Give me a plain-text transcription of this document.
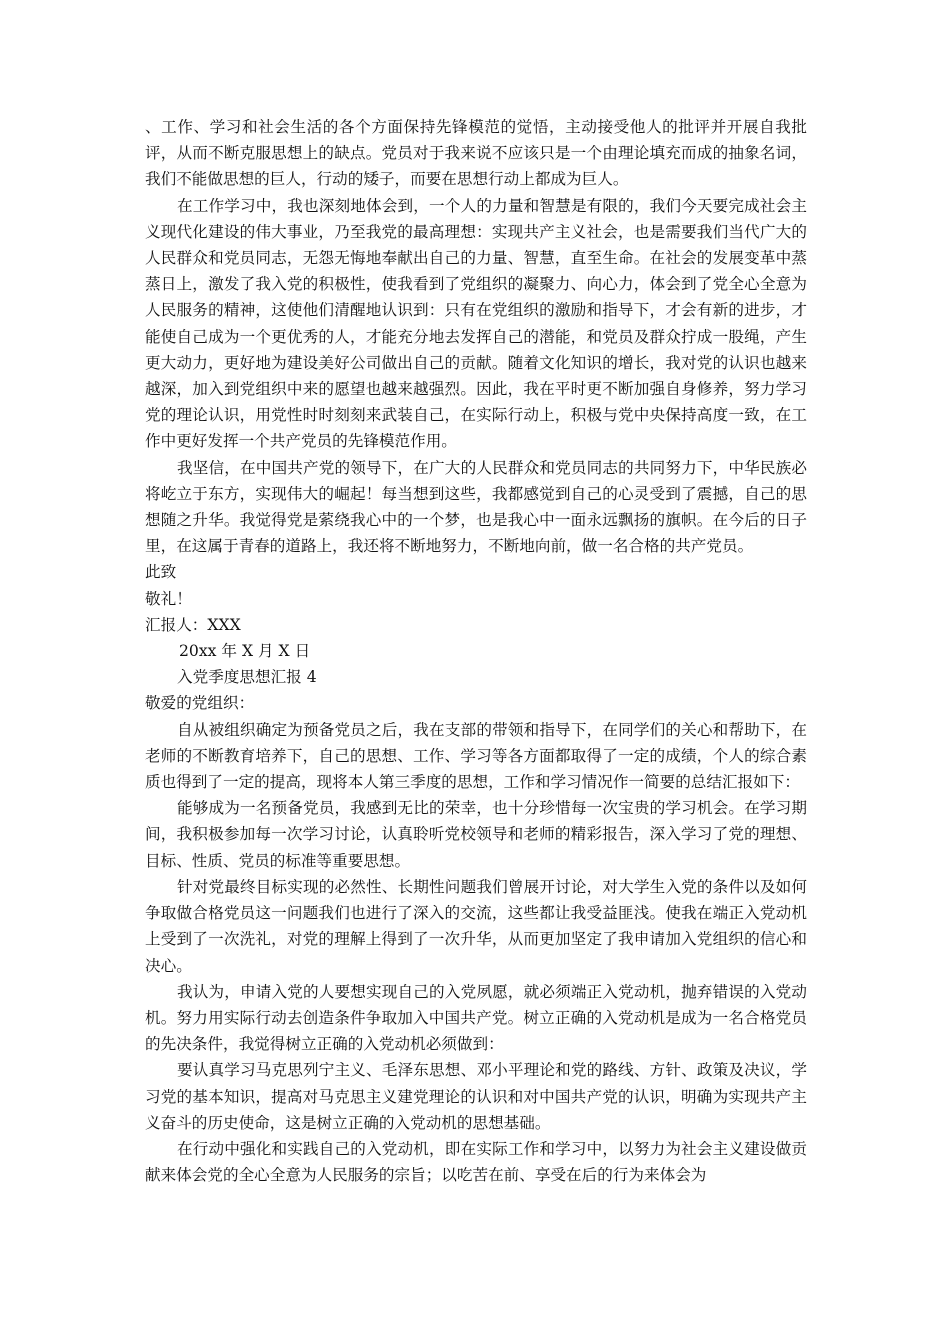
、工作、学习和社会生活的各个方面保持先锋模范的觉悟，主动接受他人的批评并开展自我批评，从而不断克服思想上的缺点。党员对于我来说不应该只是一个由理论填充而成的抽象名词，我们不能做思想的巨人，行动的矮子，而要在思想行动上都成为巨人。

在工作学习中，我也深刻地体会到，一个人的力量和智慧是有限的，我们今天要完成社会主义现代化建设的伟大事业，乃至我党的最高理想：实现共产主义社会，也是需要我们当代广大的人民群众和党员同志，无怨无悔地奉献出自己的力量、智慧，直至生命。在社会的发展变革中蒸蒸日上，激发了我入党的积极性，使我看到了党组织的凝聚力、向心力，体会到了党全心全意为人民服务的精神，这使他们清醒地认识到：只有在党组织的激励和指导下，才会有新的进步，才能使自己成为一个更优秀的人，才能充分地去发挥自己的潜能，和党员及群众拧成一股绳，产生更大动力，更好地为建设美好公司做出自己的贡献。随着文化知识的增长，我对党的认识也越来越深，加入到党组织中来的愿望也越来越强烈。因此，我在平时更不断加强自身修养，努力学习党的理论认识，用党性时时刻刻来武装自己，在实际行动上，积极与党中央保持高度一致，在工作中更好发挥一个共产党员的先锋模范作用。

我坚信，在中国共产党的领导下，在广大的人民群众和党员同志的共同努力下，中华民族必将屹立于东方，实现伟大的崛起！每当想到这些，我都感觉到自己的心灵受到了震撼，自己的思想随之升华。我觉得党是萦绕我心中的一个梦，也是我心中一面永远飘扬的旗帜。在今后的日子里，在这属于青春的道路上，我还将不断地努力，不断地向前，做一名合格的共产党员。

此致

敬礼！

汇报人：XXX

20xx 年 X 月 X 日

入党季度思想汇报 4

敬爱的党组织：

自从被组织确定为预备党员之后，我在支部的带领和指导下，在同学们的关心和帮助下，在老师的不断教育培养下，自己的思想、工作、学习等各方面都取得了一定的成绩，个人的综合素质也得到了一定的提高，现将本人第三季度的思想，工作和学习情况作一简要的总结汇报如下：

能够成为一名预备党员，我感到无比的荣幸，也十分珍惜每一次宝贵的学习机会。在学习期间，我积极参加每一次学习讨论，认真聆听党校领导和老师的精彩报告，深入学习了党的理想、目标、性质、党员的标准等重要思想。

针对党最终目标实现的必然性、长期性问题我们曾展开讨论，对大学生入党的条件以及如何争取做合格党员这一问题我们也进行了深入的交流，这些都让我受益匪浅。使我在端正入党动机上受到了一次洗礼，对党的理解上得到了一次升华，从而更加坚定了我申请加入党组织的信心和决心。

我认为，申请入党的人要想实现自己的入党夙愿，就必须端正入党动机，抛弃错误的入党动机。努力用实际行动去创造条件争取加入中国共产党。树立正确的入党动机是成为一名合格党员的先决条件，我觉得树立正确的入党动机必须做到：

要认真学习马克思列宁主义、毛泽东思想、邓小平理论和党的路线、方针、政策及决议，学习党的基本知识，提高对马克思主义建党理论的认识和对中国共产党的认识，明确为实现共产主义奋斗的历史使命，这是树立正确的入党动机的思想基础。

在行动中强化和实践自己的入党动机，即在实际工作和学习中，以努力为社会主义建设做贡献来体会党的全心全意为人民服务的宗旨；以吃苦在前、享受在后的行为来体会为
